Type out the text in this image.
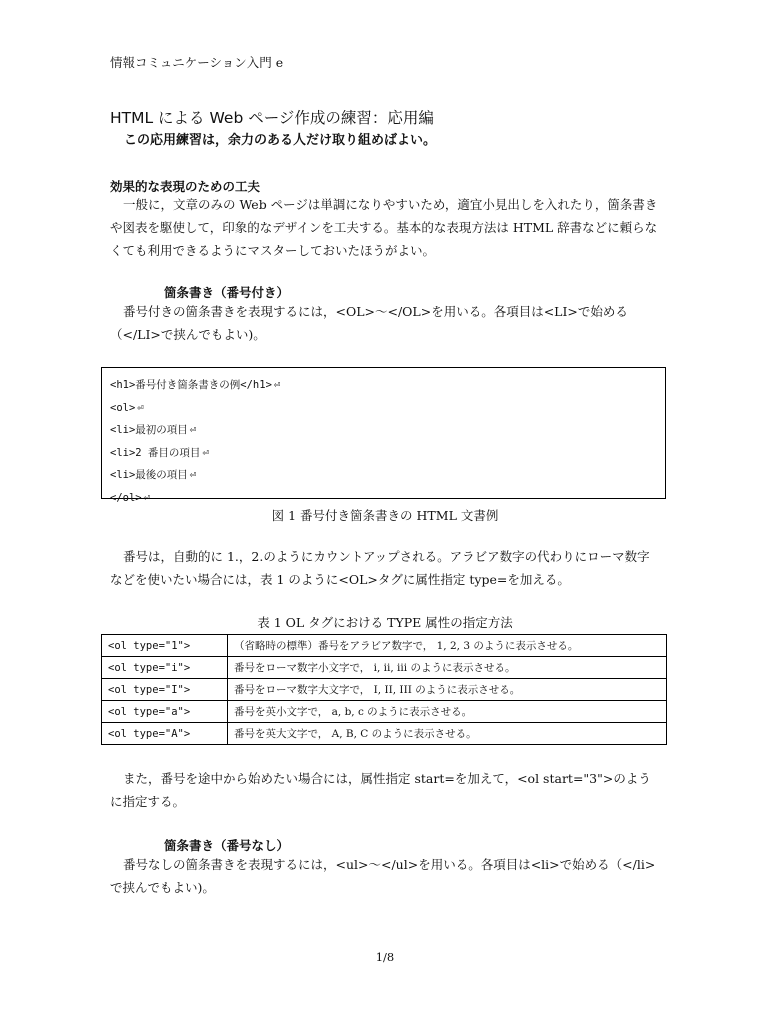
情報コミュニケーション入門 e
HTML による Web ページ作成の練習：応用編
この応用練習は，余力のある人だけ取り組めばよい。
効果的な表現のための工夫
一般に，文章のみの Web ページは単調になりやすいため，適宜小見出しを入れたり，箇条書きや図表を駆使して，印象的なデザインを工夫する。基本的な表現方法は HTML 辞書などに頼らなくても利用できるようにマスターしておいたほうがよい。
箇条書き（番号付き）
番号付きの箇条書きを表現するには，<OL>～</OL>を用いる。各項目は<LI>で始める（</LI>で挟んでもよい)。
<h1>番号付き箇条書きの例</h1> ⏎
<ol> ⏎
<li>最初の項目 ⏎
<li>2 番目の項目 ⏎
<li>最後の項目 ⏎
</ol> ⏎
図 1 番号付き箇条書きの HTML 文書例
番号は，自動的に 1.，2.のようにカウントアップされる。アラビア数字の代わりにローマ数字などを使いたい場合には，表 1 のように<OL>タグに属性指定 type=を加える。
表 1 OL タグにおける TYPE 属性の指定方法
<ol type="1">	（省略時の標準）番号をアラビア数字で， 1, 2, 3 のように表示させる。
<ol type="i">	番号をローマ数字小文字で， i, ii, iii のように表示させる。
<ol type="I">	番号をローマ数字大文字で， I, II, III のように表示させる。
<ol type="a">	番号を英小文字で， a, b, c のように表示させる。
<ol type="A">	番号を英大文字で， A, B, C のように表示させる。
また，番号を途中から始めたい場合には，属性指定 start=を加えて，<ol start="3">のように指定する。
箇条書き（番号なし）
番号なしの箇条書きを表現するには，<ul>～</ul>を用いる。各項目は<li>で始める（</li>で挟んでもよい)。
1/8
